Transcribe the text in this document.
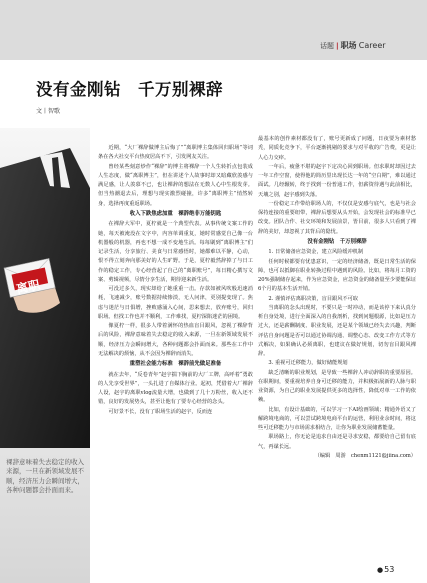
话题 | 职场 Career
没有金刚钻　千万别裸辞
文丨智歌
离职
裸辞意味着失去稳定的收入来源，一旦在新领域发展不顺，经济压力会瞬间增大，各种问题都会扑面而来。

近期，“大厂裸辞做博主后悔了”“离职博主集体回归职场”等词条在各大社交平台热度居高不下，引发网友关注。

曾经某些刻意炒作“裸辞”的博主将裸辞一个人生转折点包装成人生态度，做“离职博主”，但在讲述个人故事时却又暗藏欣羡感与满足感，让人羡慕不已，也让裸辞的想法在无数人心中生根发芽。但当热潮退去后，理想与现实激烈碰撞，许多“离职博主”悄然转身，选择再度重返职场。

收入下跌焦虑加重　裸辞绝非万能钥匙

在裸辞大军中，夏柠就是一个典型代表。从事传统文案工作的她，每天被淹没在文字中，内容单调重复，她时常感觉自己像一台机器般的机器，再也不想一成不变地生活。每每刷到“离职博主”们记录生活，分享旅行、美食与日常感悟时，她都难以平静，心动，恨不得立刻奔向那美好的人生旷野。于是，夏柠毅然辞掉了与日工作的稳定工作，专心经营起了自己的“离职账号”，每日精心撰写文案、剪辑视频，尽情分享生活，期待迎来新生活。

可没过多久，现实却给了她重重一击。存款如被风吹般迅速消耗，飞速减少，账号数据持续惨淡，无人问津，更别提变现了。焦虑与迷茫与日俱增，挫败感涌入心间，思来想去，放弃账号，回归职场。但找工作也并不顺利，工作难找，夏柠深陷迷茫的困境。

像夏柠一样，很多人带着满怀的热血盲目跟风，忽视了裸辞背后的风险，裸辞意味着失去稳定的收入来源，一旦在新领域发展不顺，经济压力会瞬间增大，各种问题都会扑面而来。那些在工作中无法解决的烦恼，从不会因为裸辞而消失。

重塑社会能力标准　裸辞前先做足准备

就在去年，“反卷青年”赵宇揣下胸前的大厂工牌，高呼着“勇敢的人先享受世界”，一头扎进了自媒体行业。起初，凭借着大厂裸辞人设，赵宇的离职vlog流量大增，也做到了几十万粉丝，收入还不错，良好的发展势头，甚至让他有了要专心经营的念头。

可好景不长，没有了职场生活的赵宇，反而连

最基本的创作素材都没有了，账号更新成了问题，日夜要为素材愁秃，同质化竞争下，平台逐渐挑剔的要求与对平收的广告费，更是让人心力交瘁。

一年后，疲惫不堪的赵宇下定决心回到职场。但求职时却因过去一年工作空窗，使得他的简历里出现长达一年的“空白期”，难以通过面试。几经辗转，终于找到一份普通工作，但薪资待遇与此前相比，天壤之别，赵宇感到失落。

一份稳定工作带给职场人的，不仅仅是安感与底气，也是与社会保持连接的重要纽带，裸辞后想要从头开始，会发现社会的标准早已改变。团队合作、社交环境和发展前景，皆目前，很多人只看到了裸辞的美好，却忽视了其背后的隐忧。

没有金刚钻　千万别裸辞

1. 日常储备应急资金，建立风险缓冲机制

任何时候都要有忧患意识，一定的经济储备，既是日常生活的保障，也可以抵御在职业转换过程中遇到的风险。比如，将每月工资的20%强制储存起来，作为应急资金，应急资金的储备量至少要能保证6个月的基本生活开销。

2. 谨慎评估离职决策，盲目跟风不可取

当离职的念头出现时，不要只是一时冲动，而是该停下来认真分析自身处境，进行全面深入的自我剖析，找到问题根源，比如是压力过大，还是薪酬制度、职业发展，还是某个领域已经失去兴趣，判断评估自身问题是否可以通过协调沟通、调整心态、改变工作方式等方式解决，如果确认必须离职，也建议在做好规划，切勿盲目跟风裸辞。

3. 重视可迁移能力，做好储能规划

缺乏清晰的职业规划，是导致一些裸辞人冲动辞职的重要原因。在职期间，要重视培养自身可迁移的能力，并积极拓展新的人脉与职业资源，为自己的职业发展提供更多的选择性，降低对单一工作的依赖。

比如，有设计基础的，可以学习一下AI绘画领域；精通外语又了解跨境电商的，可以尝试跨境电商平台的运营，利用业余时间，将这些可迁移能力与市场需求相结合，让你为职业发展储蓄能量。

职场路上，你无论是追求自由还是寻求安稳，都要给自己留有底气，再谋长远。

（编辑　周游　chenm1121@jiina.com）

●53
